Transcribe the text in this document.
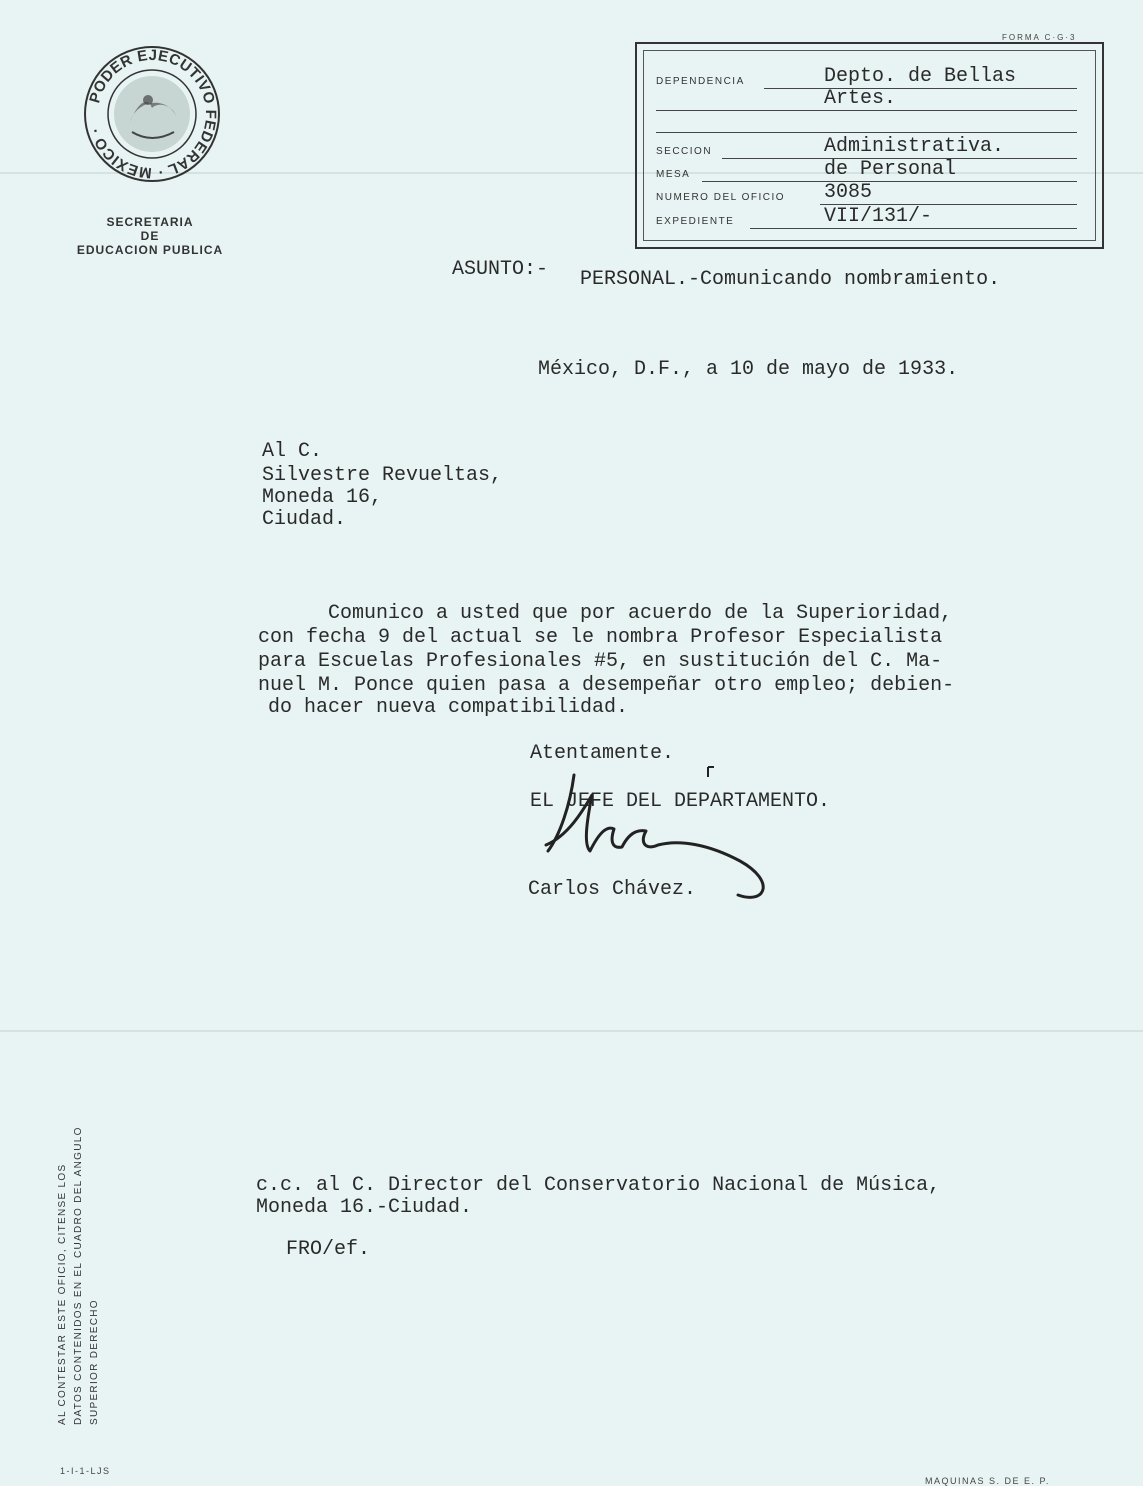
PODER EJECUTIVO FEDERAL · MEXICO ·
SECRETARIA
DE
EDUCACION PUBLICA
FORMA C·G·3
DEPENDENCIA	Depto. de Bellas
Artes.
SECCION	Administrativa.
MESA	de Personal
NUMERO DEL OFICIO 3085
EXPEDIENTE	VII/131/-
ASUNTO:- PERSONAL.-Comunicando nombramiento.
México, D.F., a 10 de mayo de 1933.
Al C.
Silvestre Revueltas,
Moneda 16,
Ciudad.
Comunico a usted que por acuerdo de la Superioridad,
con fecha 9 del actual se le nombra Profesor Especialista
para Escuelas Profesionales #5, en sustitución del C. Ma-
nuel M. Ponce quien pasa a desempeñar otro empleo; debien-
do hacer nueva compatibilidad.
Atentamente.
EL JEFE DEL DEPARTAMENTO.
Carlos Chávez.
c.c. al C. Director del Conservatorio Nacional de Música,
Moneda 16.-Ciudad.
FRO/ef.
AL CONTESTAR ESTE OFICIO, CITENSE LOS DATOS CONTENIDOS EN EL CUADRO DEL ANGULO SUPERIOR DERECHO
1-I-1-LJS
MAQUINAS S. DE E. P.
